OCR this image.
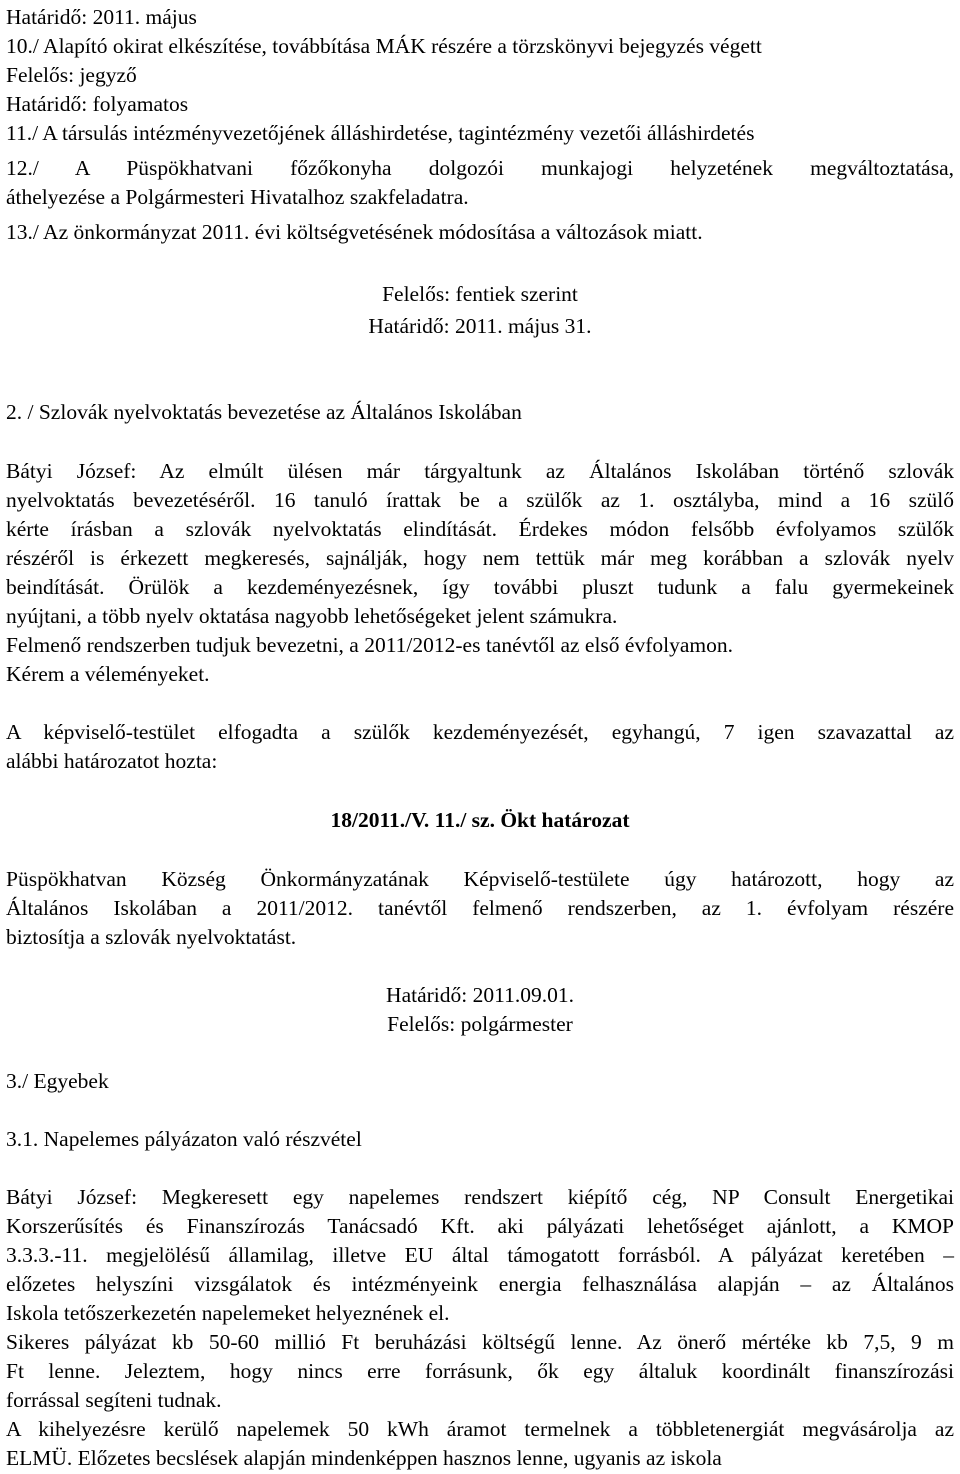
Határidő: 2011. május
10./ Alapító okirat elkészítése, továbbítása MÁK részére a törzskönyvi bejegyzés végett
Felelős: jegyző
Határidő: folyamatos
11./ A társulás intézményvezetőjének álláshirdetése, tagintézmény vezetői álláshirdetés
12./ A Püspökhatvani főzőkonyha dolgozói munkajogi helyzetének megváltoztatása,
áthelyezése a Polgármesteri Hivatalhoz szakfeladatra.
13./ Az önkormányzat 2011. évi költségvetésének módosítása a változások miatt.
Felelős: fentiek szerint
Határidő: 2011. május 31.
2. / Szlovák nyelvoktatás bevezetése az Általános Iskolában
Bátyi József: Az elmúlt ülésen már tárgyaltunk az Általános Iskolában történő szlovák
nyelvoktatás bevezetéséről. 16 tanuló írattak be a szülők az 1. osztályba, mind a 16 szülő
kérte írásban a szlovák nyelvoktatás elindítását. Érdekes módon felsőbb évfolyamos szülők
részéről is érkezett megkeresés, sajnálják, hogy nem tettük már meg korábban a szlovák nyelv
beindítását. Örülök a kezdeményezésnek, így további pluszt tudunk a falu gyermekeinek
nyújtani, a több nyelv oktatása nagyobb lehetőségeket jelent számukra.
Felmenő rendszerben tudjuk bevezetni, a 2011/2012-es tanévtől az első évfolyamon.
Kérem a véleményeket.
A képviselő-testület elfogadta a szülők kezdeményezését, egyhangú, 7 igen szavazattal az
alábbi határozatot hozta:
18/2011./V. 11./ sz. Ökt határozat
Püspökhatvan Község Önkormányzatának Képviselő-testülete úgy határozott, hogy az
Általános Iskolában a 2011/2012. tanévtől felmenő rendszerben, az 1. évfolyam részére
biztosítja a szlovák nyelvoktatást.
Határidő: 2011.09.01.
Felelős: polgármester
3./ Egyebek
3.1. Napelemes pályázaton való részvétel
Bátyi József: Megkeresett egy napelemes rendszert kiépítő cég, NP Consult Energetikai
Korszerűsítés és Finanszírozás Tanácsadó Kft. aki pályázati lehetőséget ajánlott, a KMOP
3.3.3.-11. megjelölésű államilag, illetve EU által támogatott forrásból. A pályázat keretében –
előzetes helyszíni vizsgálatok és intézményeink energia felhasználása alapján – az Általános
Iskola tetőszerkezetén napelemeket helyeznének el.
Sikeres pályázat kb 50-60 millió Ft beruházási költségű lenne. Az önerő mértéke kb 7,5, 9 m
Ft lenne. Jeleztem, hogy nincs erre forrásunk, ők egy általuk koordinált finanszírozási
forrással segíteni tudnak.
A kihelyezésre kerülő napelemek 50 kWh áramot termelnek a többletenergiát megvásárolja az
ELMÜ. Előzetes becslések alapján mindenképpen hasznos lenne, ugyanis az iskola
